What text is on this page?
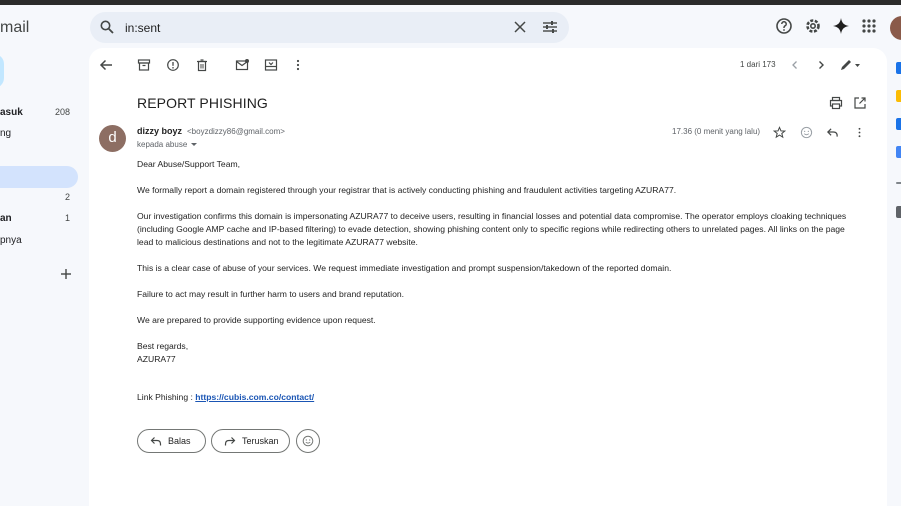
mail
in:sent
asuk	208
ng
2
an	1
pnya
1 dari 173
REPORT PHISHING
d	dizzy boyz <boyzdizzy86@gmail.com>
kepada abuse
17.36 (0 menit yang lalu)

Dear Abuse/Support Team,

We formally report a domain registered through your registrar that is actively conducting phishing and fraudulent activities targeting AZURA77.

Our investigation confirms this domain is impersonating AZURA77 to deceive users, resulting in financial losses and potential data compromise. The operator employs cloaking techniques (including Google AMP cache and IP-based filtering) to evade detection, showing phishing content only to specific regions while redirecting others to unrelated pages. All links on the page lead to malicious destinations and not to the legitimate AZURA77 website.

This is a clear case of abuse of your services. We request immediate investigation and prompt suspension/takedown of the reported domain.

Failure to act may result in further harm to users and brand reputation.

We are prepared to provide supporting evidence upon request.

Best regards,

AZURA77

Link Phishing : https://cubis.com.co/contact/
Balas	Teruskan
